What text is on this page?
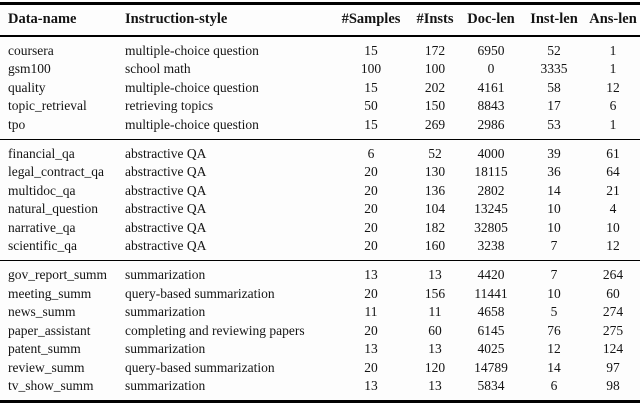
Data-name	Instruction-style	#Samples	#Insts	Doc-len	Inst-len	Ans-len
coursera	multiple-choice question	15	172	6950	52	1
gsm100	school math	100	100	0	3335	1
quality	multiple-choice question	15	202	4161	58	12
topic_retrieval	retrieving topics	50	150	8843	17	6
tpo	multiple-choice question	15	269	2986	53	1
financial_qa	abstractive QA	6	52	4000	39	61
legal_contract_qa	abstractive QA	20	130	18115	36	64
multidoc_qa	abstractive QA	20	136	2802	14	21
natural_question	abstractive QA	20	104	13245	10	4
narrative_qa	abstractive QA	20	182	32805	10	10
scientific_qa	abstractive QA	20	160	3238	7	12
gov_report_summ	summarization	13	13	4420	7	264
meeting_summ	query-based summarization	20	156	11441	10	60
news_summ	summarization	11	11	4658	5	274
paper_assistant	completing and reviewing papers	20	60	6145	76	275
patent_summ	summarization	13	13	4025	12	124
review_summ	query-based summarization	20	120	14789	14	97
tv_show_summ	summarization	13	13	5834	6	98
